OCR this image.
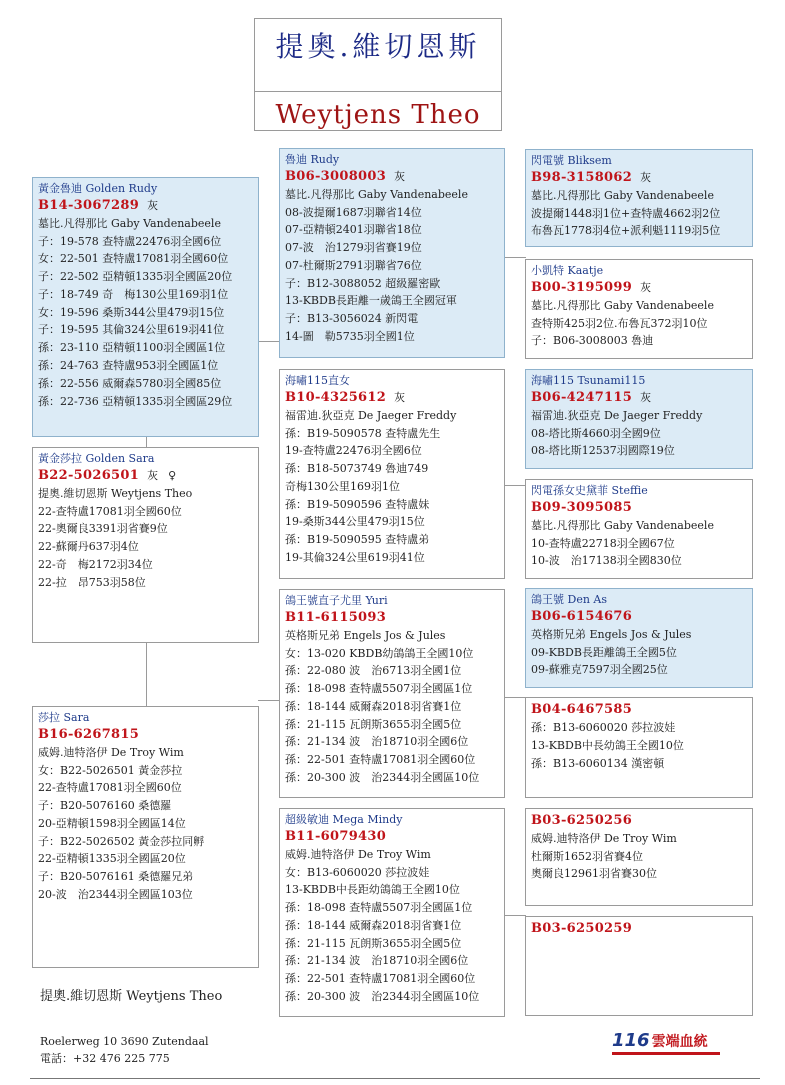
提奧.維切恩斯
Weytjens Theo
黃金魯迪 Golden Rudy
B14-3067289 灰
墓比.凡得那比 Gaby Vandenabeele
子：19-578 查特盧22476羽全國6位
女：22-501 查特盧17081羽全國60位
子：22-502 亞精頓1335羽全國區20位
子：18-749 奇　梅130公里169羽1位
女：19-596 桑斯344公里479羽15位
子：19-595 其倫324公里619羽41位
孫：23-110 亞精頓1100羽全國區1位
孫：24-763 查特盧953羽全國區1位
孫：22-556 威爾森5780羽全國85位
孫：22-736 亞精頓1335羽全國區29位
黃金莎拉 Golden Sara
B22-5026501 灰 ♀
提奧.維切恩斯 Weytjens Theo
22-查特盧17081羽全國60位
22-奧爾良3391羽省賽9位
22-蘇爾丹637羽4位
22-奇　梅2172羽34位
22-拉　昂753羽58位
莎拉 Sara
B16-6267815
威姆.迪特洛伊 De Troy Wim
女：B22-5026501 黃金莎拉
22-查特盧17081羽全國60位
子：B20-5076160 桑德羅
20-亞精頓1598羽全國區14位
子：B22-5026502 黃金莎拉同孵
22-亞精頓1335羽全國區20位
子：B20-5076161 桑德羅兄弟
20-波　治2344羽全國區103位
魯迪 Rudy
B06-3008003 灰
墓比.凡得那比 Gaby Vandenabeele
08-波提爾1687羽聯省14位
07-亞精頓2401羽聯省18位
07-波　治1279羽省賽19位
07-杜爾斯2791羽聯省76位
子：B12-3088052 超級羅密歐
13-KBDB長距離一歲鴿王全國冠軍
子：B13-3056024 新閃電
14-圖　勒5735羽全國1位
海嘯115直女
B10-4325612 灰
福雷迪.狄亞克 De Jaeger Freddy
孫：B19-5090578 查特盧先生
19-查特盧22476羽全國6位
孫：B18-5073749 魯迪749
奇梅130公里169羽1位
孫：B19-5090596 查特盧妹
19-桑斯344公里479羽15位
孫：B19-5090595 查特盧弟
19-其倫324公里619羽41位
鴿王號直子尤里 Yuri
B11-6115093
英格斯兄弟 Engels Jos & Jules
女：13-020 KBDB幼鴿鴿王全國10位
孫：22-080 波　治6713羽全國1位
孫：18-098 查特盧5507羽全國區1位
孫：18-144 威爾森2018羽省賽1位
孫：21-115 瓦朗斯3655羽全國5位
孫：21-134 波　治18710羽全國6位
孫：22-501 查特盧17081羽全國60位
孫：20-300 波　治2344羽全國區10位
超級敏迪 Mega Mindy
B11-6079430
威姆.迪特洛伊 De Troy Wim
女：B13-6060020 莎拉波娃
13-KBDB中長距幼鴿鴿王全國10位
孫：18-098 查特盧5507羽全國區1位
孫：18-144 威爾森2018羽省賽1位
孫：21-115 瓦朗斯3655羽全國5位
孫：21-134 波　治18710羽全國6位
孫：22-501 查特盧17081羽全國60位
孫：20-300 波　治2344羽全國區10位
閃電號 Bliksem
B98-3158062 灰
墓比.凡得那比 Gaby Vandenabeele
波提爾1448羽1位+查特盧4662羽2位
布魯瓦1778羽4位+派利魁1119羽5位
小凱特 Kaatje
B00-3195099 灰
墓比.凡得那比 Gaby Vandenabeele
查特斯425羽2位.布魯瓦372羽10位
子：B06-3008003 魯迪
海嘯115 Tsunami115
B06-4247115 灰
福雷迪.狄亞克 De Jaeger Freddy
08-塔比斯4660羽全國9位
08-塔比斯12537羽國際19位
閃電孫女史黛菲 Steffie
B09-3095085
墓比.凡得那比 Gaby Vandenabeele
10-查特盧22718羽全國67位
10-波　治17138羽全國830位
鴿王號 Den As
B06-6154676
英格斯兄弟 Engels Jos & Jules
09-KBDB長距離鴿王全國5位
09-蘇雅克7597羽全國25位
B04-6467585
孫：B13-6060020 莎拉波娃
13-KBDB中長幼鴿王全國10位
孫：B13-6060134 漢密頓
B03-6250256
威姆.迪特洛伊 De Troy Wim
杜爾斯1652羽省賽4位
奧爾良12961羽省賽30位
B03-6250259
提奧.維切恩斯 Weytjens Theo
Roelerweg 10 3690 Zutendaal
電話：+32 476 225 775
116 雲端血統
